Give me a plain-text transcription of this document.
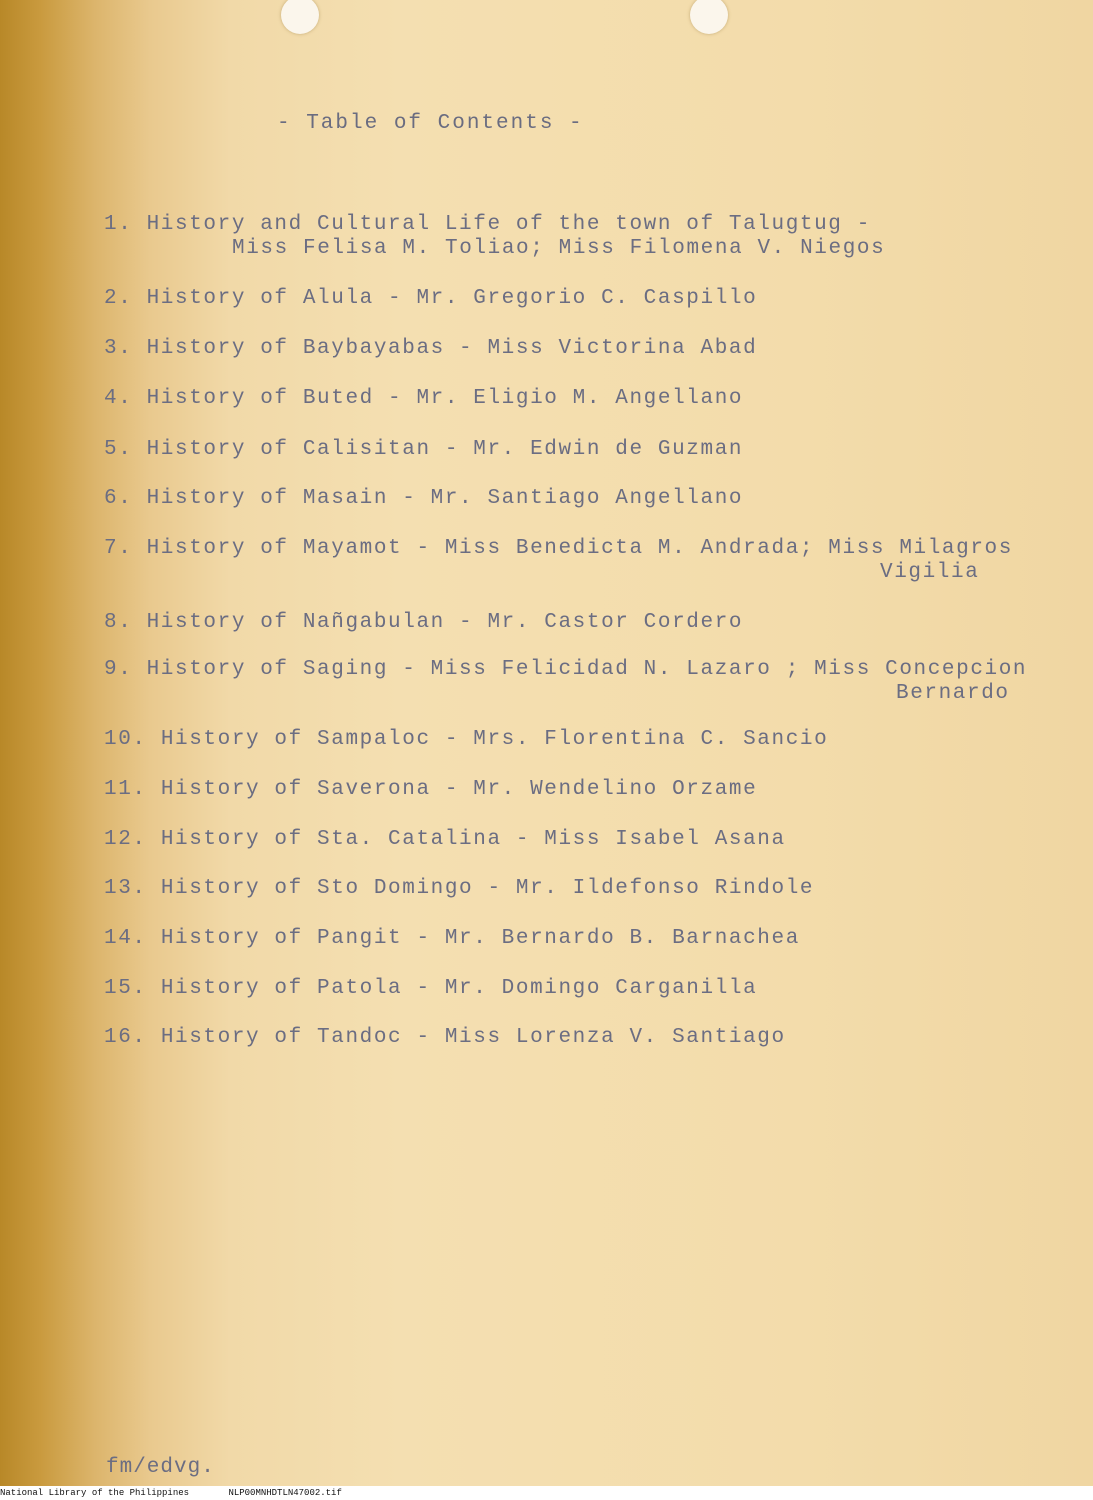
- Table of Contents -
1. History and Cultural Life of the town of Talugtug -
Miss Felisa M. Toliao; Miss Filomena V. Niegos
2. History of Alula - Mr. Gregorio C. Caspillo
3. History of Baybayabas - Miss Victorina Abad
4. History of Buted - Mr. Eligio M. Angellano
5. History of Calisitan - Mr. Edwin de Guzman
6. History of Masain - Mr. Santiago Angellano
7. History of Mayamot - Miss Benedicta M. Andrada; Miss Milagros
Vigilia
8. History of Nañgabulan - Mr. Castor Cordero
9. History of Saging - Miss Felicidad N. Lazaro ; Miss Concepcion
Bernardo
10. History of Sampaloc - Mrs. Florentina C. Sancio
11. History of Saverona - Mr. Wendelino Orzame
12. History of Sta. Catalina - Miss Isabel Asana
13. History of Sto Domingo - Mr. Ildefonso Rindole
14. History of Pangit - Mr. Bernardo B. Barnachea
15. History of Patola - Mr. Domingo Carganilla
16. History of Tandoc - Miss Lorenza V. Santiago
fm/edvg.
National Library of the Philippines	NLP00MNHDTLN47002.tif
